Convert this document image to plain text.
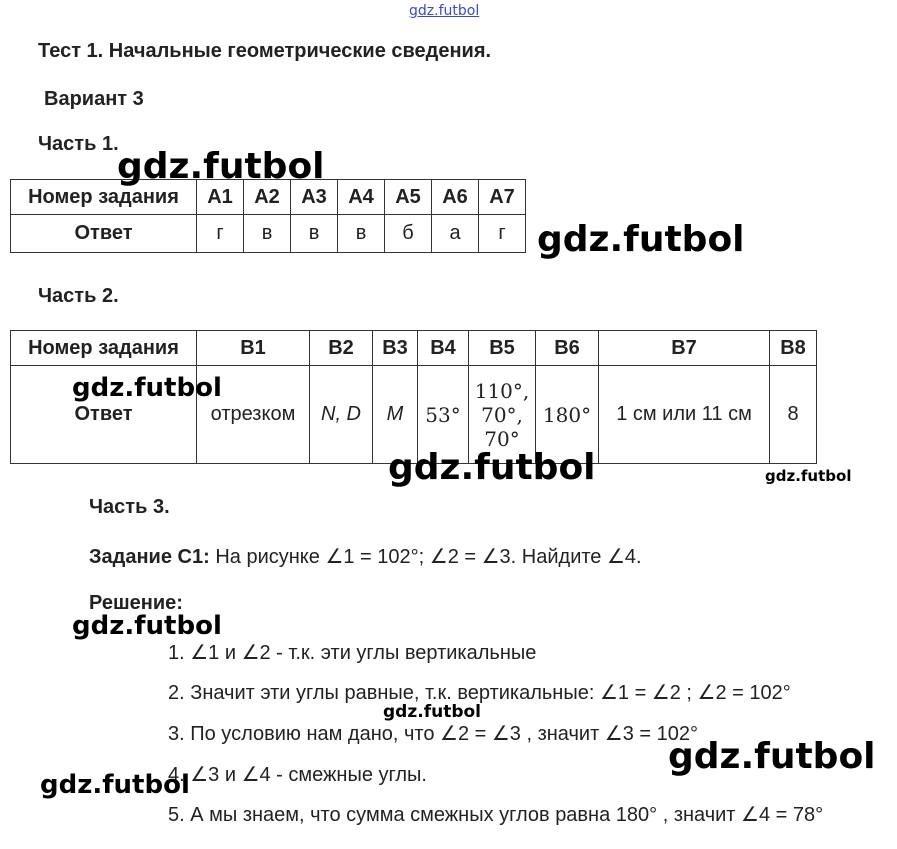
gdz.futbol
Тест 1. Начальные геометрические сведения.
Вариант 3
Часть 1.
Номер задания	A1	A2	A3	A4	A5	A6	A7
Ответ	г	в	в	в	б	а	г
Часть 2.
Номер задания	B1	B2	B3	B4	B5	B6	B7	B8
Ответ	отрезком	N, D	M	53°	110°,
70°,
70°	180°	1 см или 11 см	8
Часть 3.
Задание С1: На рисунке ∠1 = 102°; ∠2 = ∠3. Найдите ∠4.
Решение:
1. ∠1 и ∠2 - т.к. эти углы вертикальные
2. Значит эти углы равные, т.к. вертикальные: ∠1 = ∠2 ; ∠2 = 102°
3. По условию нам дано, что ∠2 = ∠3 , значит ∠3 = 102°
4. ∠3 и ∠4 - смежные углы.
5. А мы знаем, что сумма смежных углов равна 180° , значит ∠4 = 78°
gdz.futbol
gdz.futbol
gdz.futbol
gdz.futbol	gdz.futbol
gdz.futbol
gdz.futbol
gdz.futbol
gdz.futbol
